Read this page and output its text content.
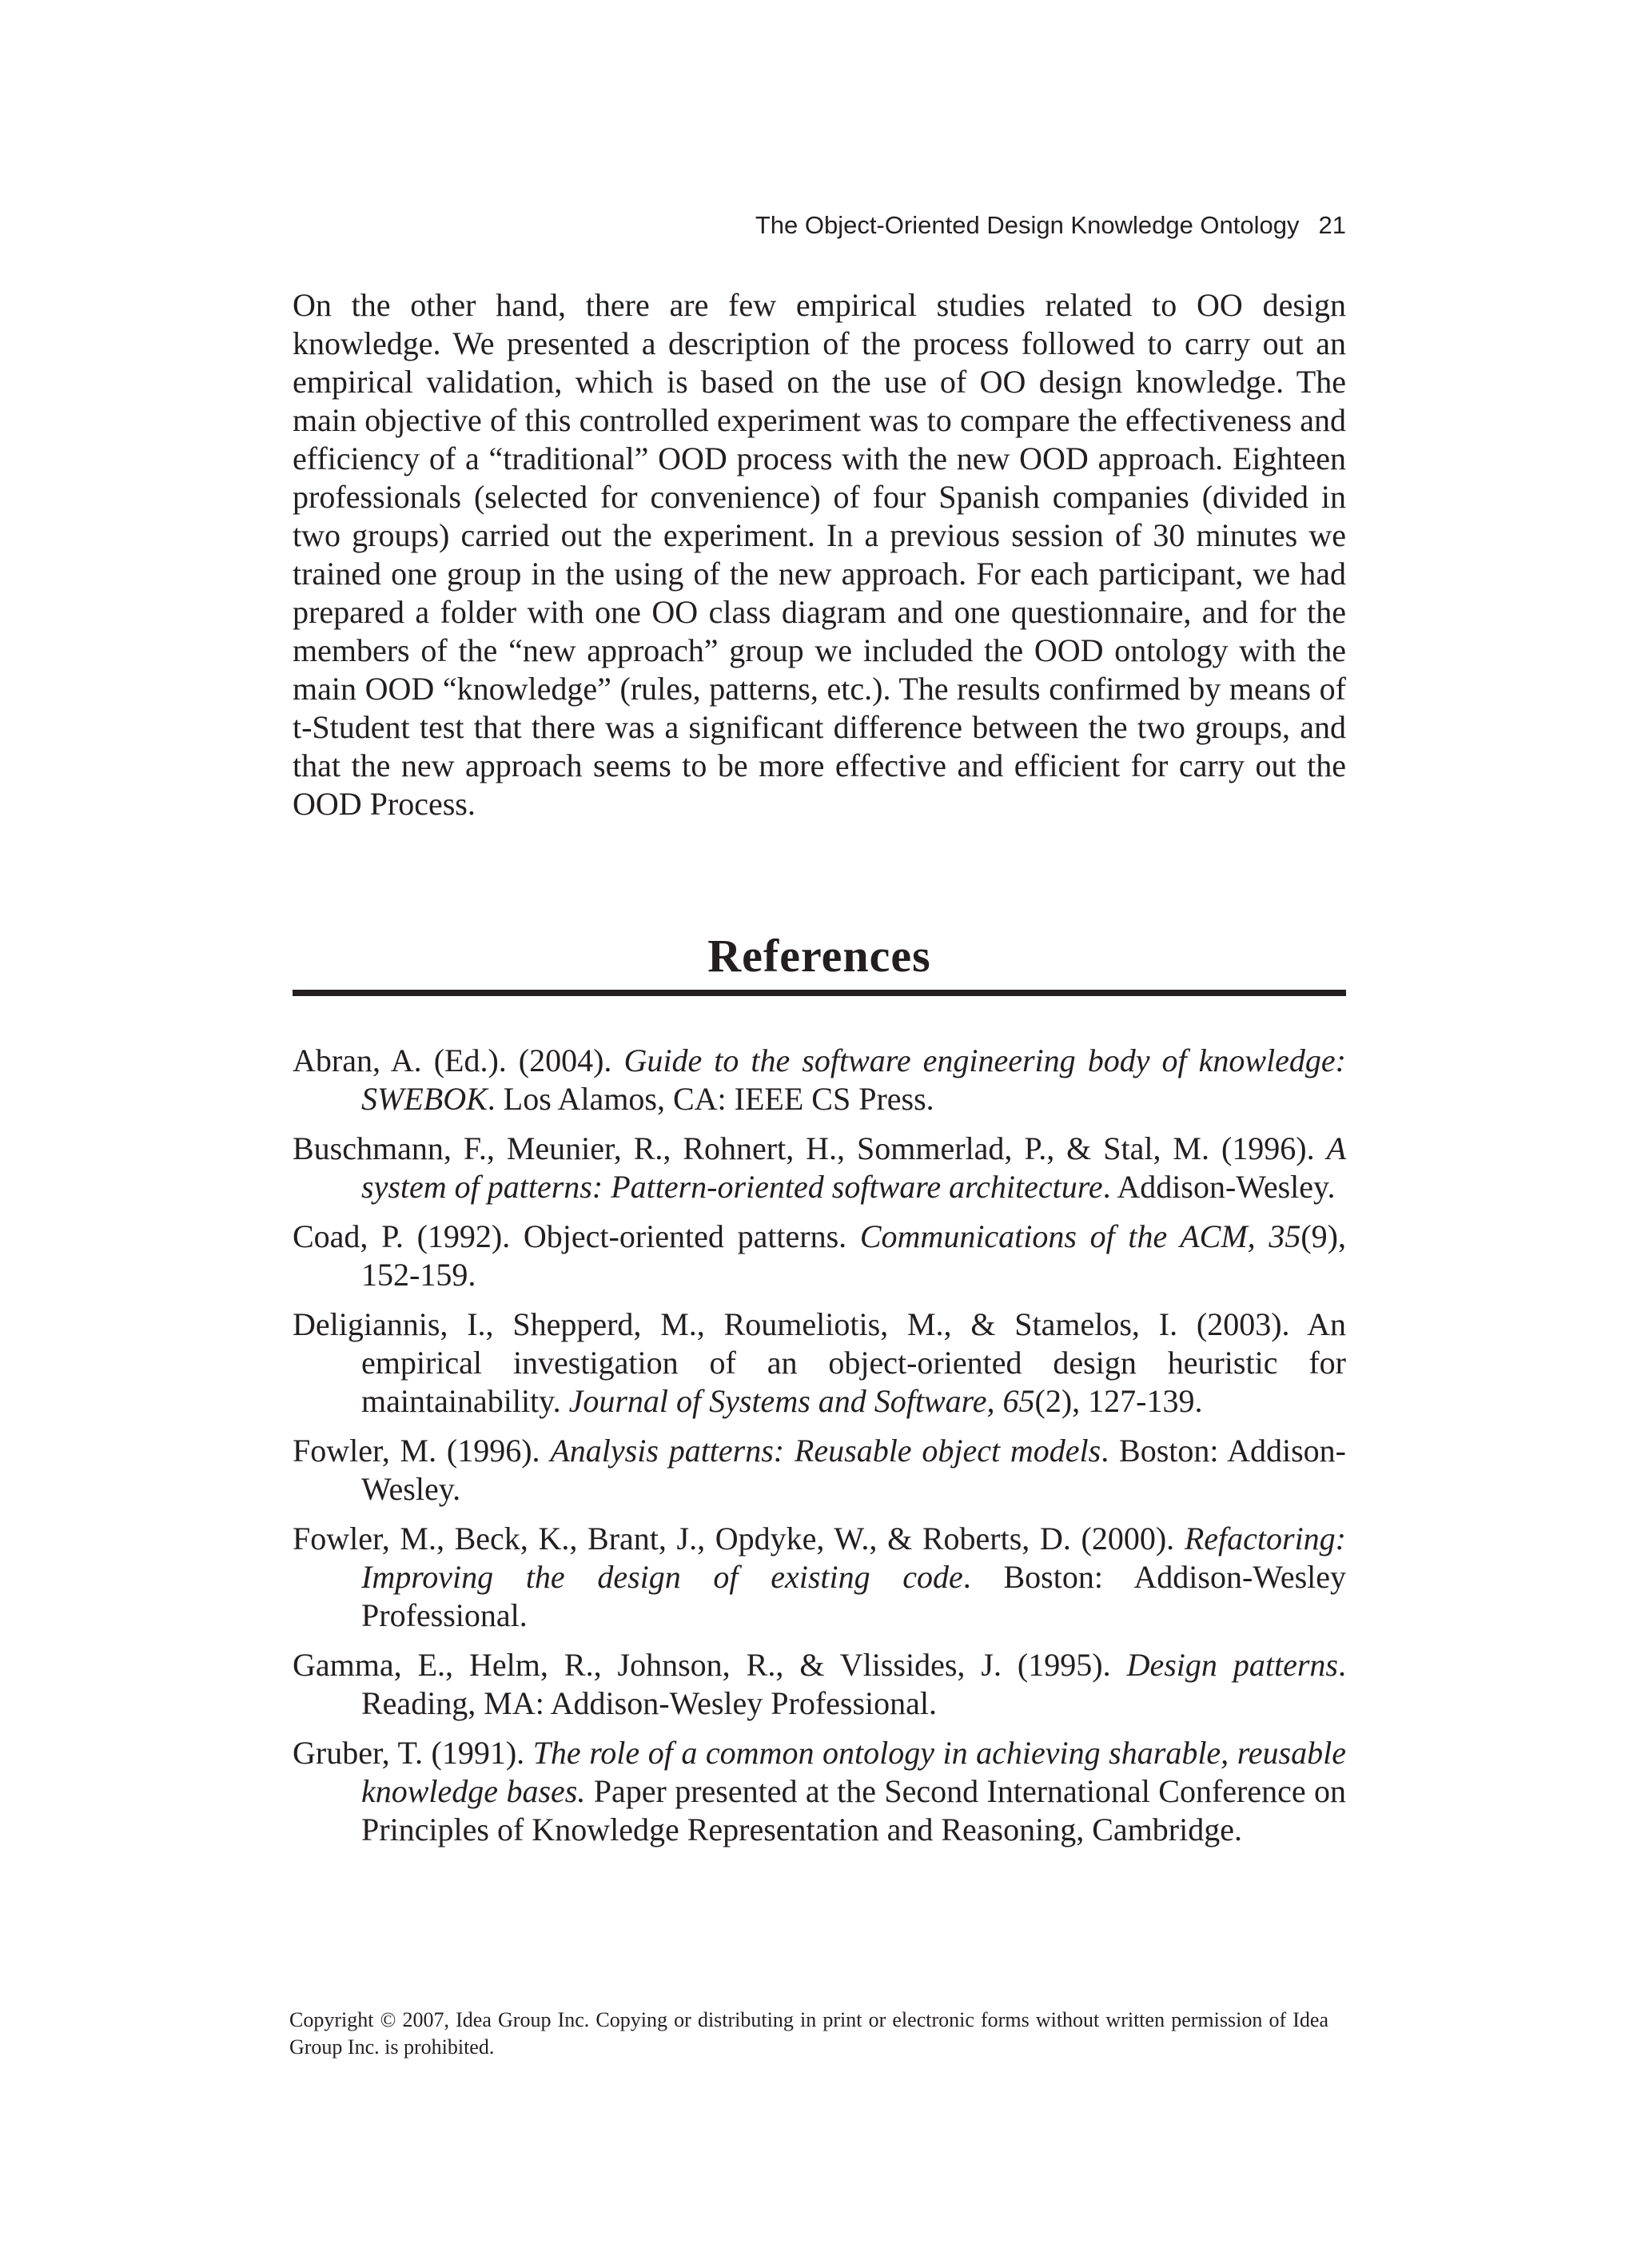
The Object-Oriented Design Knowledge Ontology 21

On the other hand, there are few empirical studies related to OO design knowledge. We presented a description of the process followed to carry out an empirical validation, which is based on the use of OO design knowledge. The main objective of this controlled experiment was to compare the effectiveness and efficiency of a “traditional” OOD process with the new OOD approach. Eighteen professionals (selected for convenience) of four Spanish companies (divided in two groups) carried out the experiment. In a previous session of 30 minutes we trained one group in the using of the new approach. For each participant, we had prepared a folder with one OO class diagram and one questionnaire, and for the members of the “new approach” group we included the OOD ontology with the main OOD “knowledge” (rules, patterns, etc.). The results confirmed by means of t-Student test that there was a significant difference between the two groups, and that the new approach seems to be more effective and efficient for carry out the OOD Process.

References
Abran, A. (Ed.). (2004). Guide to the software engineering body of knowledge: SWEBOK. Los Alamos, CA: IEEE CS Press.
Buschmann, F., Meunier, R., Rohnert, H., Sommerlad, P., & Stal, M. (1996). A system of patterns: Pattern-oriented software architecture. Addison-Wesley.
Coad, P. (1992). Object-oriented patterns. Communications of the ACM, 35(9), 152-159.
Deligiannis, I., Shepperd, M., Roumeliotis, M., & Stamelos, I. (2003). An empirical investigation of an object-oriented design heuristic for maintainability. Journal of Systems and Software, 65(2), 127-139.
Fowler, M. (1996). Analysis patterns: Reusable object models. Boston: Addison-Wesley.
Fowler, M., Beck, K., Brant, J., Opdyke, W., & Roberts, D. (2000). Refactoring: Improving the design of existing code. Boston: Addison-Wesley Professional.
Gamma, E., Helm, R., Johnson, R., & Vlissides, J. (1995). Design patterns. Reading, MA: Addison-Wesley Professional.
Gruber, T. (1991). The role of a common ontology in achieving sharable, reusable knowledge bases. Paper presented at the Second International Conference on Principles of Knowledge Representation and Reasoning, Cambridge.

Copyright © 2007, Idea Group Inc. Copying or distributing in print or electronic forms without written permission of Idea Group Inc. is prohibited.
